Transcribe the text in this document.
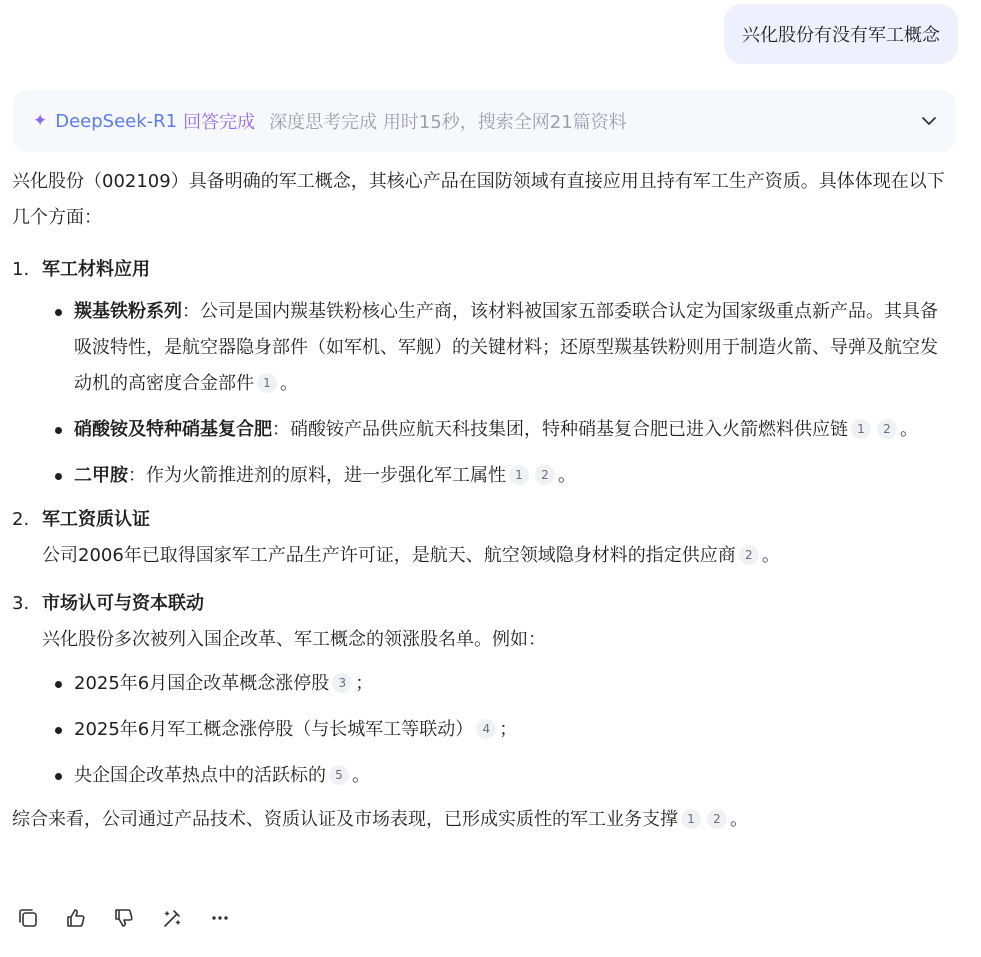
兴化股份有没有军工概念
✦ DeepSeek-R1 回答完成 深度思考完成 用时15秒，搜索全网21篇资料

兴化股份（002109）具备明确的军工概念，其核心产品在国防领域有直接应用且持有军工生产资质。具体体现在以下几个方面：

1. 军工材料应用
羰基铁粉系列：公司是国内羰基铁粉核心生产商，该材料被国家五部委联合认定为国家级重点新产品。其具备吸波特性，是航空器隐身部件（如军机、军舰）的关键材料；还原型羰基铁粉则用于制造火箭、导弹及航空发动机的高密度合金部件 1 。
硝酸铵及特种硝基复合肥：硝酸铵产品供应航天科技集团，特种硝基复合肥已进入火箭燃料供应链 1 2 。
二甲胺：作为火箭推进剂的原料，进一步强化军工属性 1 2 。
2. 军工资质认证

公司2006年已取得国家军工产品生产许可证，是航天、航空领域隐身材料的指定供应商 2 。

3. 市场认可与资本联动

兴化股份多次被列入国企改革、军工概念的领涨股名单。例如：

2025年6月国企改革概念涨停股 3 ；
2025年6月军工概念涨停股（与长城军工等联动） 4 ；
央企国企改革热点中的活跃标的 5 。

综合来看，公司通过产品技术、资质认证及市场表现，已形成实质性的军工业务支撑 1 2 。
